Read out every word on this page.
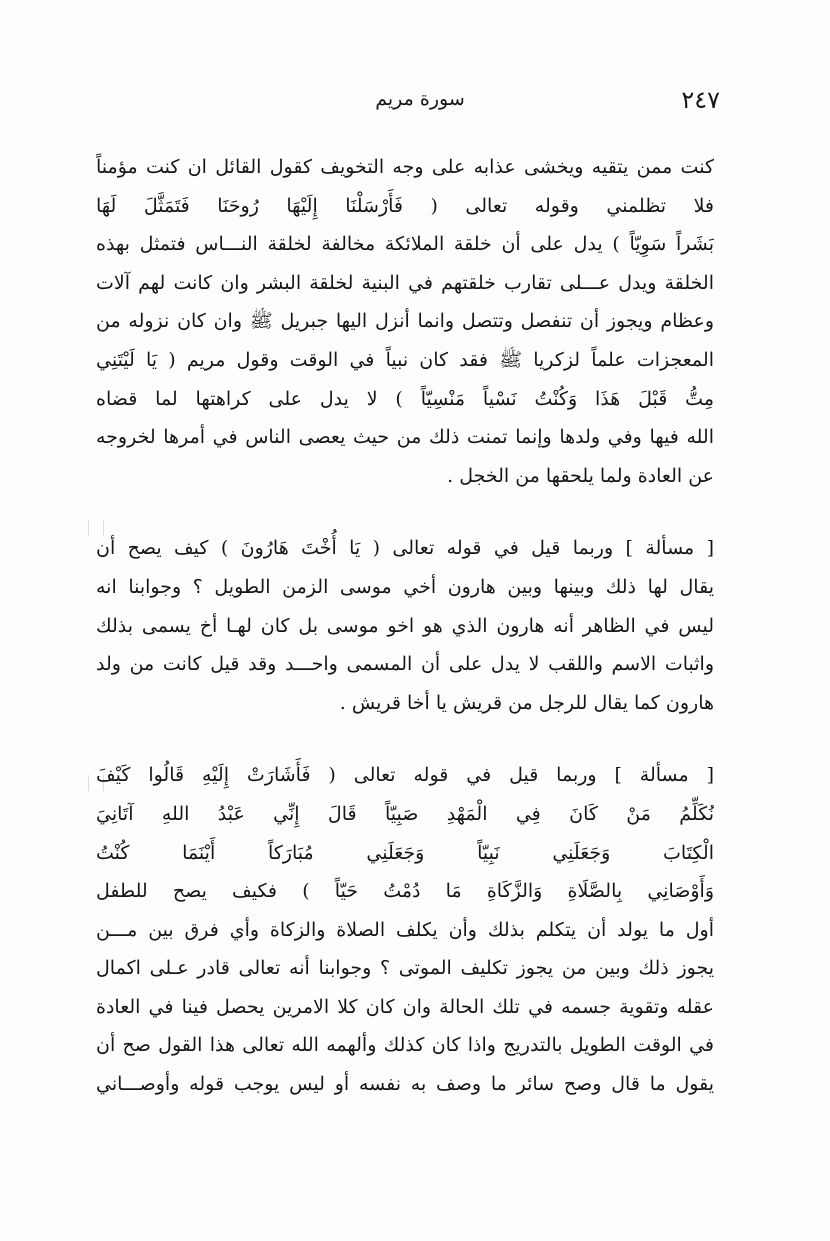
٢٤٧
سورة مريم
كنت ممن يتقيه ويخشى عذابه على وجه التخويف كقول القائل ان كنت مؤمناً
فلا تظلمني وقوله تعالى ( فَأَرْسَلْنَا إِلَيْهَا رُوحَنَا فَتَمَثَّلَ لَهَا
بَشَراً سَوِيّاً ) يدل على أن خلقة الملائكة مخالفة لخلقة النـــاس فتمثل بهذه
الخلقة ويدل عـــلى تقارب خلقتهم في البنية لخلقة البشر وان كانت لهم آلات
وعظام ويجوز أن تنفصل وتتصل وانما أنزل اليها جبريل ﷺ وان كان نزوله من
المعجزات علماً لزكريا ﷺ فقد كان نبياً في الوقت وقول مريم ( يَا لَيْتَنِي
مِتُّ قَبْلَ هَذَا وَكُنْتُ نَسْياً مَنْسِيّاً ) لا يدل على كراهتها لما قضاه
الله فيها وفي ولدها وإنما تمنت ذلك من حيث يعصى الناس في أمرها لخروجه
عن العادة ولما يلحقها من الخجل .
[ مسألة ] وربما قيل في قوله تعالى ( يَا أُخْتَ هَارُونَ ) كيف يصح أن
يقال لها ذلك وبينها وبين هارون أخي موسى الزمن الطويل ؟ وجوابنا انه
ليس في الظاهر أنه هارون الذي هو اخو موسى بل كان لهـا أخ يسمى بذلك
واثبات الاسم واللقب لا يدل على أن المسمى واحـــد وقد قيل كانت من ولد
هارون كما يقال للرجل من قريش يا أخا قريش .
[ مسألة ] وربما قيل في قوله تعالى ( فَأَشَارَتْ إِلَيْهِ قَالُوا كَيْفَ
نُكَلِّمُ مَنْ كَانَ فِي الْمَهْدِ صَبِيّاً قَالَ إِنِّي عَبْدُ اللهِ آتَانِيَ
الْكِتَابَ وَجَعَلَنِي نَبِيّاً وَجَعَلَنِي مُبَارَكاً أَيْنَمَا كُنْتُ
وَأَوْصَانِي بِالصَّلَاةِ وَالزَّكَاةِ مَا دُمْتُ حَيّاً ) فكيف يصح للطفل
أول ما يولد أن يتكلم بذلك وأن يكلف الصلاة والزكاة وأي فرق بين مـــن
يجوز ذلك وبين من يجوز تكليف الموتى ؟ وجوابنا أنه تعالى قادر عـلى اكمال
عقله وتقوية جسمه في تلك الحالة وان كان كلا الامرين يحصل فينا في العادة
في الوقت الطويل بالتدريج واذا كان كذلك وألهمه الله تعالى هذا القول صح أن
يقول ما قال وصح سائر ما وصف به نفسه أو ليس يوجب قوله وأوصـــاني
